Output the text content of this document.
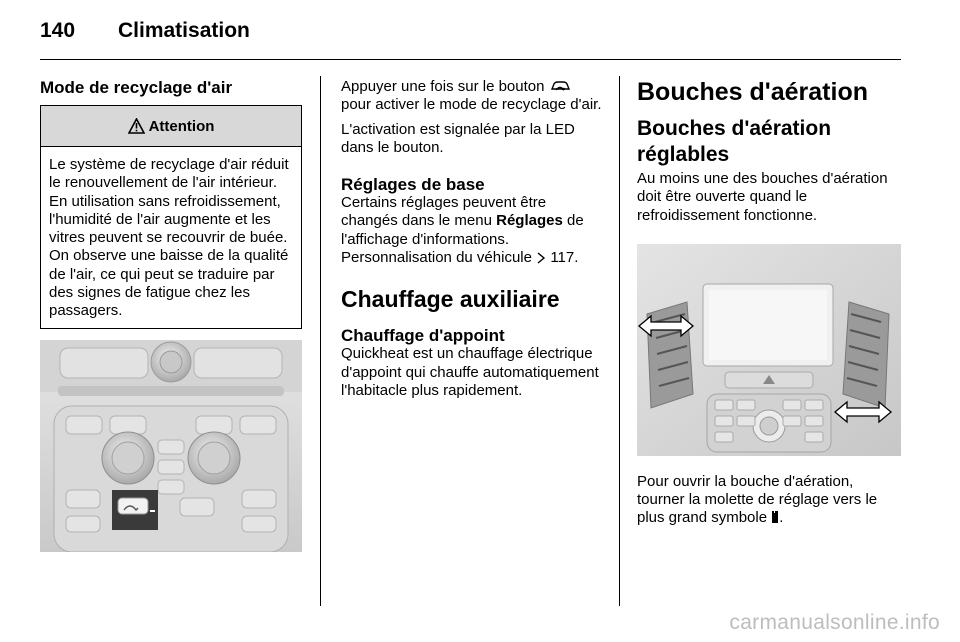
140 Climatisation
Mode de recyclage d'air
Attention
Le système de recyclage d'air réduit le renouvellement de l'air intérieur. En utilisation sans refroidissement, l'humidité de l'air augmente et les vitres peuvent se recouvrir de buée. On observe une baisse de la qualité de l'air, ce qui peut se traduire par des signes de fatigue chez les passagers.

Appuyer une fois sur le bouton  pour activer le mode de recyclage d'air.

L'activation est signalée par la LED dans le bouton.

Réglages de base

Certains réglages peuvent être changés dans le menu Réglages de l'affichage d'informations. Personnalisation du véhicule 117.

Chauffage auxiliaire
Chauffage d'appoint

Quickheat est un chauffage électrique d'appoint qui chauffe automatiquement l'habitacle plus rapidement.

Bouches d'aération
Bouches d'aération réglables

Au moins une des bouches d'aération doit être ouverte quand le refroidissement fonctionne.

Pour ouvrir la bouche d'aération, tourner la molette de réglage vers le plus grand symbole .

carmanualsonline.info
